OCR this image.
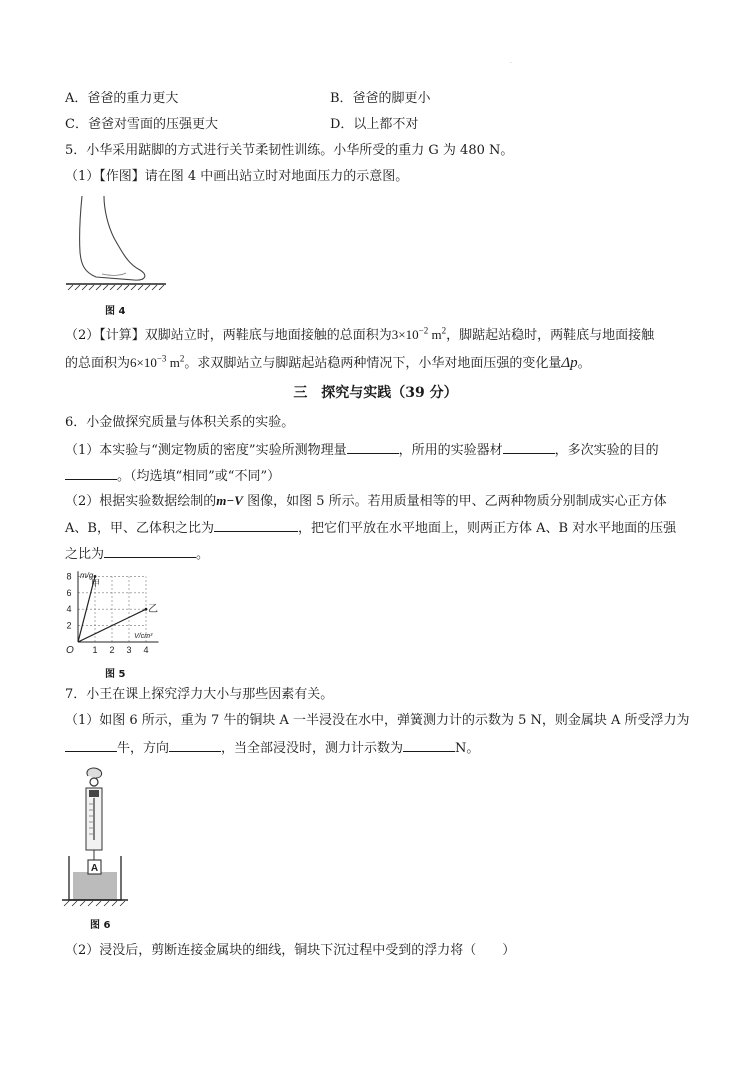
·
A．爸爸的重力更大	B．爸爸的脚更小
C．爸爸对雪面的压强更大	D．以上都不对
5．小华采用踮脚的方式进行关节柔韧性训练。小华所受的重力 G 为 480 N。
（1）【作图】请在图 4 中画出站立时对地面压力的示意图。
图 4
（2）【计算】双脚站立时，两鞋底与地面接触的总面积为$3\times 10^{-2}$ $m^2$，脚踮起站稳时，两鞋底与地面接触
的总面积为$6\times 10^{-3}$ $m^2$。求双脚站立与脚踮起站稳两种情况下，小华对地面压强的变化量Δp。
三　探究与实践（39 分）
6．小金做探究质量与体积关系的实验。
（1）本实验与“测定物质的密度”实验所测物理量	，所用的实验器材	，多次实验的目的
。（均选填“相同”或“不同”）
（2）根据实验数据绘制的m−V 图像，如图 5 所示。若用质量相等的甲、乙两种物质分别制成实心正方体
A、B，甲、乙体积之比为	，把它们平放在水平地面上，则两正方体 A、B 对水平地面的压强
之比为	。
1 2 3 4
2
4
6
8
O
m/g
V/cm³
甲
乙
图 5
7．小王在课上探究浮力大小与那些因素有关。
（1）如图 6 所示，重为 7 牛的铜块 A 一半浸没在水中，弹簧测力计的示数为 5 N，则金属块 A 所受浮力为
牛，方向	，当全部浸没时，测力计示数为	N。
A
图 6
（2）浸没后，剪断连接金属块的细线，铜块下沉过程中受到的浮力将（　　）
